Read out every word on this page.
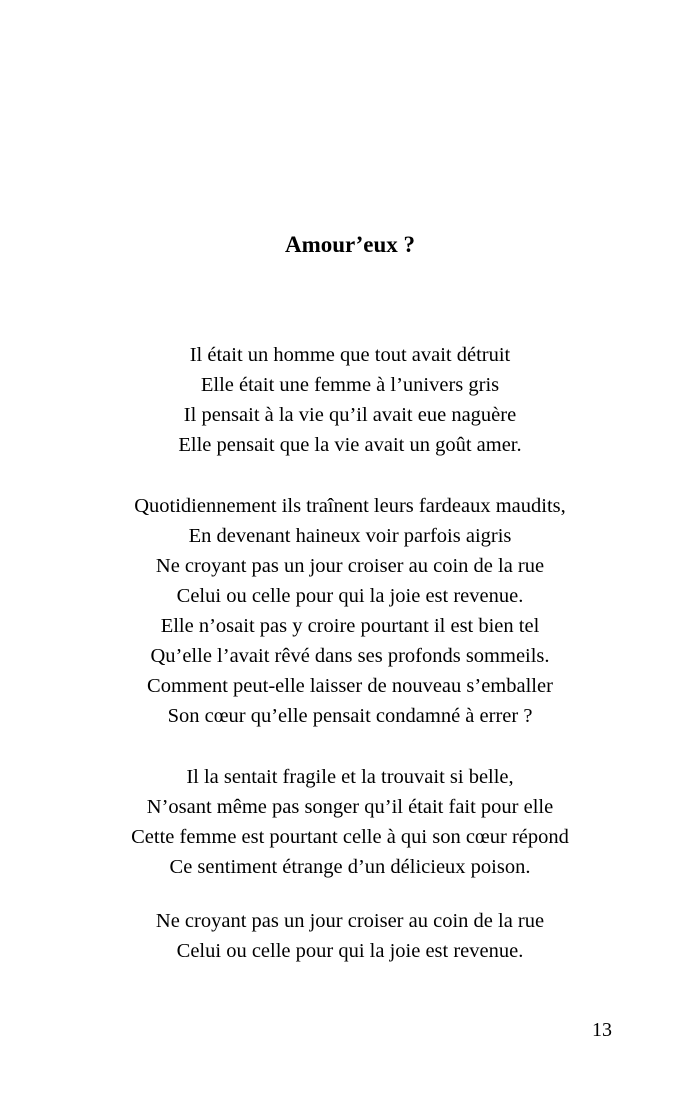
Amour’eux ?
Il était un homme que tout avait détruit
Elle était une femme à l’univers gris
Il pensait à la vie qu’il avait eue naguère
Elle pensait que la vie avait un goût amer.
Quotidiennement ils traînent leurs fardeaux maudits,
En devenant haineux voir parfois aigris
Ne croyant pas un jour croiser au coin de la rue
Celui ou celle pour qui la joie est revenue.
Elle n’osait pas y croire pourtant il est bien tel
Qu’elle l’avait rêvé dans ses profonds sommeils.
Comment peut-elle laisser de nouveau s’emballer
Son cœur qu’elle pensait condamné à errer ?
Il la sentait fragile et la trouvait si belle,
N’osant même pas songer qu’il était fait pour elle
Cette femme est pourtant celle à qui son cœur répond
Ce sentiment étrange d’un délicieux poison.
Ne croyant pas un jour croiser au coin de la rue
Celui ou celle pour qui la joie est revenue.
13
